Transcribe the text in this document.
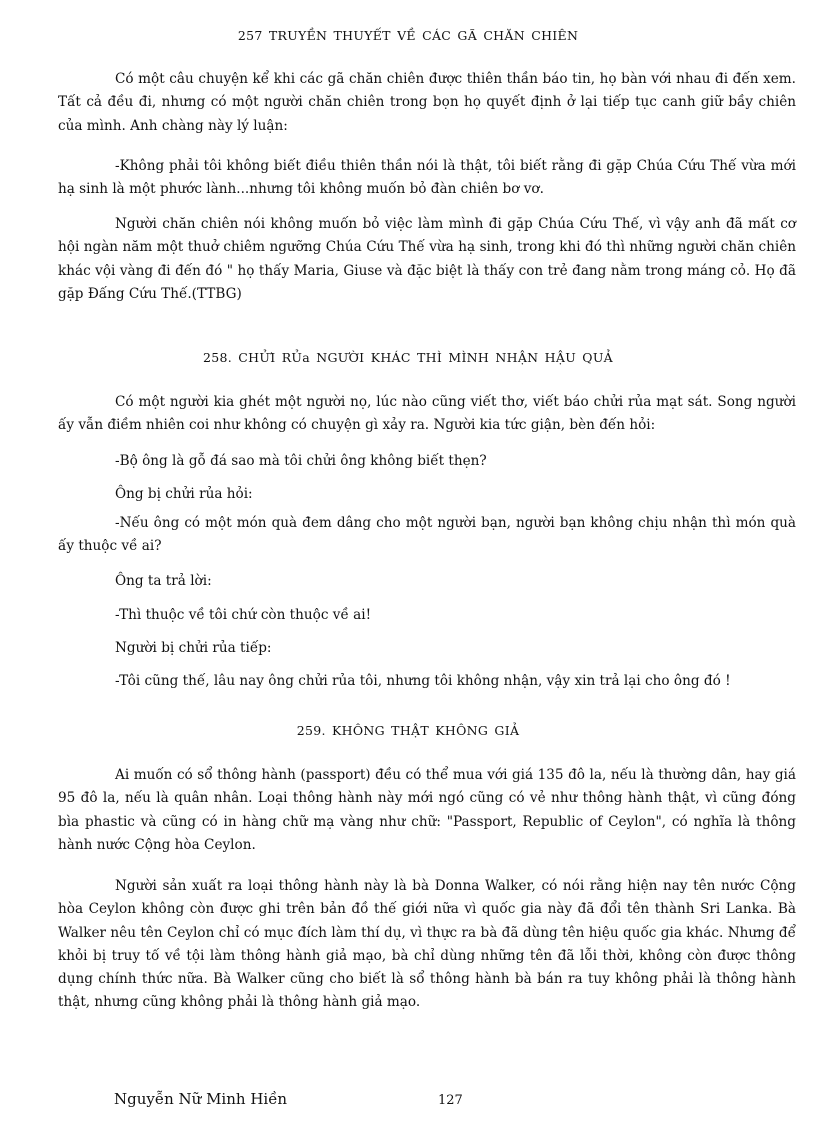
257 TRUYỀN THUYẾT VỀ CÁC GÃ CHĂN CHIÊN

Có một câu chuyện kể khi các gã chăn chiên được thiên thần báo tin, họ bàn với nhau đi đến xem. Tất cả đều đi, nhưng có một người chăn chiên trong bọn họ quyết định ở lại tiếp tục canh giữ bầy chiên của mình. Anh chàng này lý luận:

-Không phải tôi không biết điều thiên thần nói là thật, tôi biết rằng đi gặp Chúa Cứu Thế vừa mới hạ sinh là một phước lành...nhưng tôi không muốn bỏ đàn chiên bơ vơ.

Người chăn chiên nói không muốn bỏ việc làm mình đi gặp Chúa Cứu Thế, vì vậy anh đã mất cơ hội ngàn năm một thuở chiêm ngưỡng Chúa Cứu Thế vừa hạ sinh, trong khi đó thì những người chăn chiên khác vội vàng đi đến đó " họ thấy Maria, Giuse và đặc biệt là thấy con trẻ đang nằm trong máng cỏ. Họ đã gặp Đấng Cứu Thế.(TTBG)

258. CHỬI RỦa NGƯỜI KHÁC THÌ MÌNH NHẬN HẬU QUẢ

Có một người kia ghét một người nọ, lúc nào cũng viết thơ, viết báo chửi rủa mạt sát. Song người ấy vẫn điềm nhiên coi như không có chuyện gì xảy ra. Người kia tức giận, bèn đến hỏi:

-Bộ ông là gỗ đá sao mà tôi chửi ông không biết thẹn?

Ông bị chửi rủa hỏi:

-Nếu ông có một món quà đem dâng cho một người bạn, người bạn không chịu nhận thì món quà ấy thuộc về ai?

Ông ta trả lời:

-Thì thuộc về tôi chứ còn thuộc về ai!

Người bị chửi rủa tiếp:

-Tôi cũng thế, lâu nay ông chửi rủa tôi, nhưng tôi không nhận, vậy xin trả lại cho ông đó !

259. KHÔNG THẬT KHÔNG GIẢ

Ai muốn có sổ thông hành (passport) đều có thể mua với giá 135 đô la, nếu là thường dân, hay giá 95 đô la, nếu là quân nhân. Loại thông hành này mới ngó cũng có vẻ như thông hành thật, vì cũng đóng bìa phastic và cũng có in hàng chữ mạ vàng như chữ: "Passport, Republic of Ceylon", có nghĩa là thông hành nước Cộng hòa Ceylon.

Người sản xuất ra loại thông hành này là bà Donna Walker, có nói rằng hiện nay tên nước Cộng hòa Ceylon không còn được ghi trên bản đồ thế giới nữa vì quốc gia này đã đổi tên thành Sri Lanka. Bà Walker nêu tên Ceylon chỉ có mục đích làm thí dụ, vì thực ra bà đã dùng tên hiệu quốc gia khác. Nhưng để khỏi bị truy tố về tội làm thông hành giả mạo, bà chỉ dùng những tên đã lỗi thời, không còn được thông dụng chính thức nữa. Bà Walker cũng cho biết là sổ thông hành bà bán ra tuy không phải là thông hành thật, nhưng cũng không phải là thông hành giả mạo.

Nguyễn Nữ Minh Hiền	127
